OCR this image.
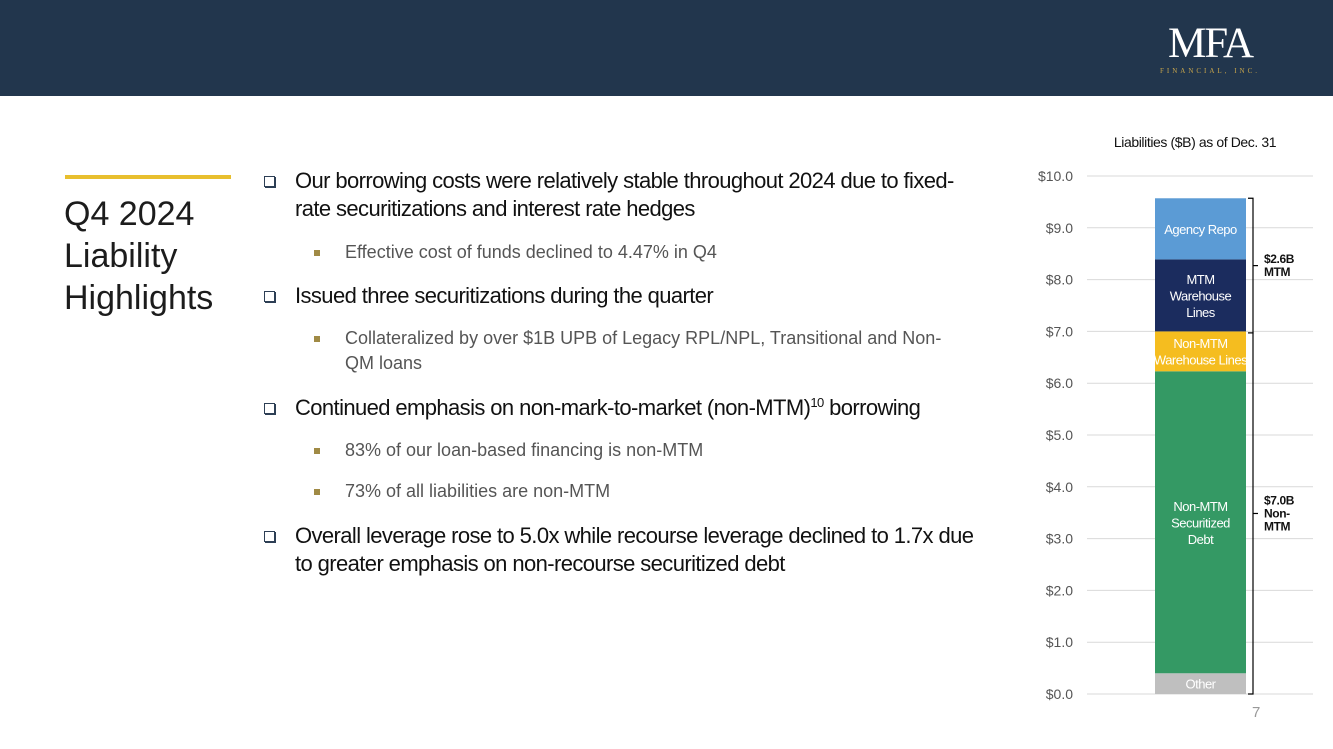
MFA
FINANCIAL, INC.
Q4 2024
Liability
Highlights
Our borrowing costs were relatively stable throughout 2024 due to fixed-rate securitizations and interest rate hedges
Effective cost of funds declined to 4.47% in Q4
Issued three securitizations during the quarter
Collateralized by over $1B UPB of Legacy RPL/NPL, Transitional and Non-QM loans
Continued emphasis on non-mark-to-market $(non-MTM)^{10}$ borrowing
83% of our loan-based financing is non-MTM
73% of all liabilities are non-MTM
Overall leverage rose to 5.0x while recourse leverage declined to 1.7x due to greater emphasis on non-recourse securitized debt
Liabilities ($B) as of Dec. 31
$0.0
$1.0
$2.0
$3.0
$4.0
$5.0
$6.0
$7.0
$8.0
$9.0
$10.0
Other
Non-MTM
Securitized
Debt
Non-MTM
Warehouse Lines
MTM
Warehouse
Lines
Agency Repo
$2.6B
MTM
$7.0B
Non-
MTM
7
